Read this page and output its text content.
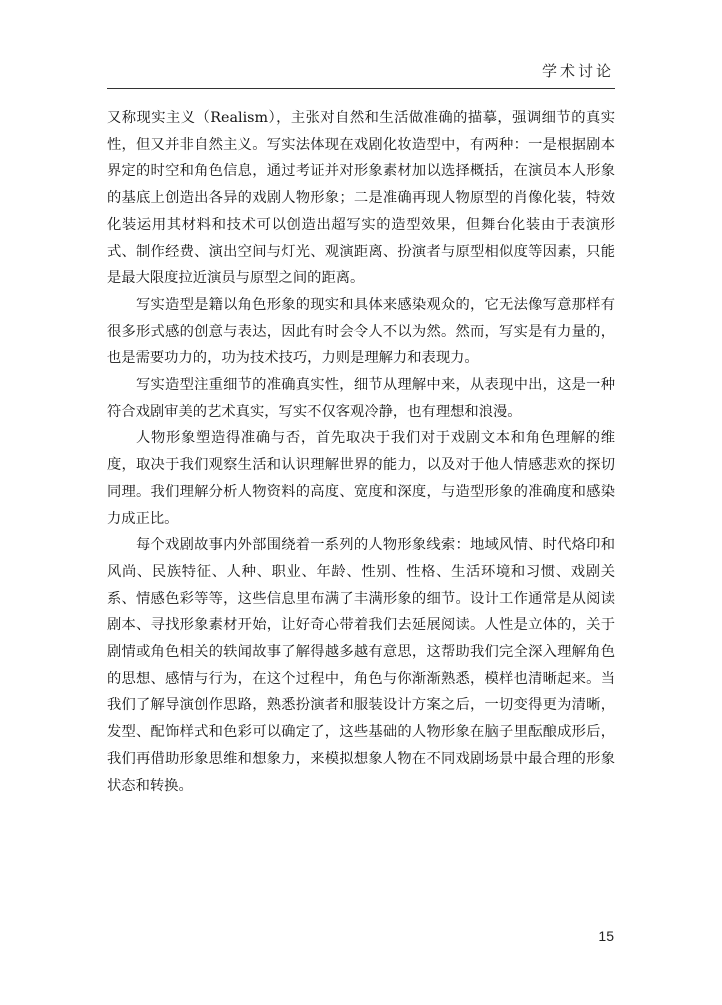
学术讨论

又称现实主义（Realism），主张对自然和生活做准确的描摹，强调细节的真实性，但又并非自然主义。写实法体现在戏剧化妆造型中，有两种：一是根据剧本界定的时空和角色信息，通过考证并对形象素材加以选择概括，在演员本人形象的基底上创造出各异的戏剧人物形象；二是准确再现人物原型的肖像化装，特效化装运用其材料和技术可以创造出超写实的造型效果，但舞台化装由于表演形式、制作经费、演出空间与灯光、观演距离、扮演者与原型相似度等因素，只能是最大限度拉近演员与原型之间的距离。

写实造型是籍以角色形象的现实和具体来感染观众的，它无法像写意那样有很多形式感的创意与表达，因此有时会令人不以为然。然而，写实是有力量的，也是需要功力的，功为技术技巧，力则是理解力和表现力。

写实造型注重细节的准确真实性，细节从理解中来，从表现中出，这是一种符合戏剧审美的艺术真实，写实不仅客观冷静，也有理想和浪漫。

人物形象塑造得准确与否，首先取决于我们对于戏剧文本和角色理解的维度，取决于我们观察生活和认识理解世界的能力，以及对于他人情感悲欢的探切同理。我们理解分析人物资料的高度、宽度和深度，与造型形象的准确度和感染力成正比。

每个戏剧故事内外部围绕着一系列的人物形象线索：地域风情、时代烙印和风尚、民族特征、人种、职业、年龄、性别、性格、生活环境和习惯、戏剧关系、情感色彩等等，这些信息里布满了丰满形象的细节。设计工作通常是从阅读剧本、寻找形象素材开始，让好奇心带着我们去延展阅读。人性是立体的，关于剧情或角色相关的轶闻故事了解得越多越有意思，这帮助我们完全深入理解角色的思想、感情与行为，在这个过程中，角色与你渐渐熟悉，模样也清晰起来。当我们了解导演创作思路，熟悉扮演者和服装设计方案之后，一切变得更为清晰，发型、配饰样式和色彩可以确定了，这些基础的人物形象在脑子里酝酿成形后，我们再借助形象思维和想象力，来模拟想象人物在不同戏剧场景中最合理的形象状态和转换。

15
